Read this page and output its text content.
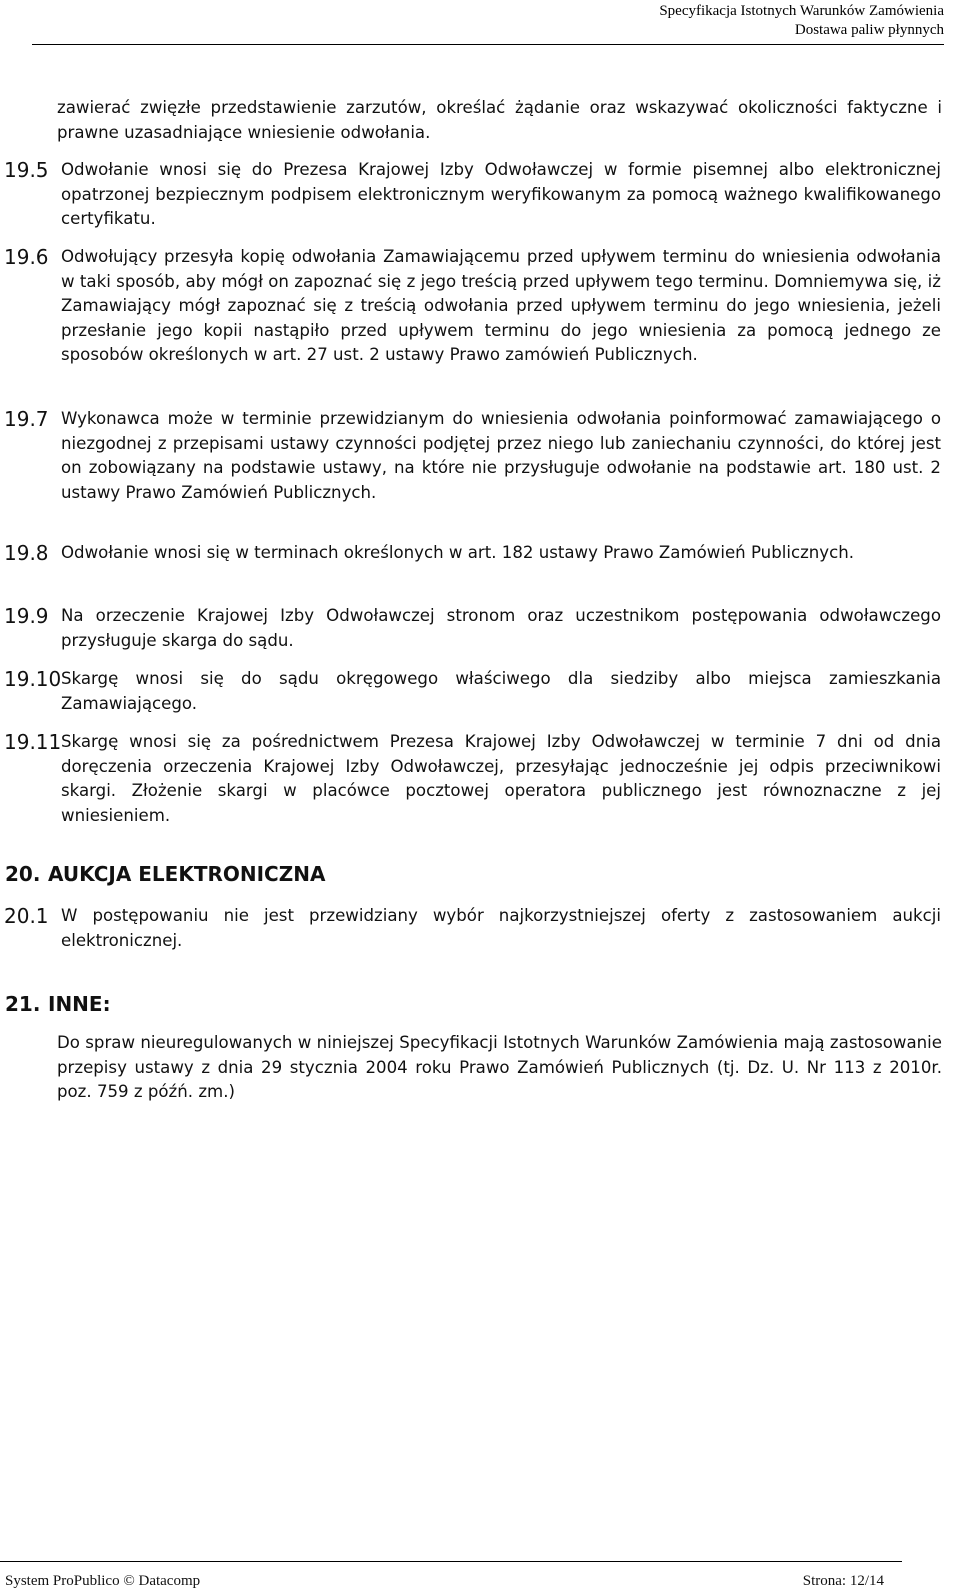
Specyfikacja Istotnych Warunków Zamówienia
Dostawa paliw płynnych
zawierać zwięzłe przedstawienie zarzutów, określać żądanie oraz wskazywać okoliczności faktyczne i prawne uzasadniające wniesienie odwołania.
19.5 Odwołanie wnosi się do Prezesa Krajowej Izby Odwoławczej w formie pisemnej albo elektronicznej opatrzonej bezpiecznym podpisem elektronicznym weryfikowanym za pomocą ważnego kwalifikowanego certyfikatu.
19.6 Odwołujący przesyła kopię odwołania Zamawiającemu przed upływem terminu do wniesienia odwołania w taki sposób, aby mógł on zapoznać się z jego treścią przed upływem tego terminu. Domniemywa się, iż Zamawiający mógł zapoznać się z treścią odwołania przed upływem terminu do jego wniesienia, jeżeli przesłanie jego kopii nastąpiło przed upływem terminu do jego wniesienia za pomocą jednego ze sposobów określonych w art. 27 ust. 2 ustawy Prawo zamówień Publicznych.
19.7 Wykonawca może w terminie przewidzianym do wniesienia odwołania poinformować zamawiającego o niezgodnej z przepisami ustawy czynności podjętej przez niego lub zaniechaniu czynności, do której jest on zobowiązany na podstawie ustawy, na które nie przysługuje odwołanie na podstawie art. 180 ust. 2 ustawy Prawo Zamówień Publicznych.
19.8 Odwołanie wnosi się w terminach określonych w art. 182 ustawy Prawo Zamówień Publicznych.
19.9 Na orzeczenie Krajowej Izby Odwoławczej stronom oraz uczestnikom postępowania odwoławczego przysługuje skarga do sądu.
19.10 Skargę wnosi się do sądu okręgowego właściwego dla siedziby albo miejsca zamieszkania Zamawiającego.
19.11 Skargę wnosi się za pośrednictwem Prezesa Krajowej Izby Odwoławczej w terminie 7 dni od dnia doręczenia orzeczenia Krajowej Izby Odwoławczej, przesyłając jednocześnie jej odpis przeciwnikowi skargi. Złożenie skargi w placówce pocztowej operatora publicznego jest równoznaczne z jej wniesieniem.
20. AUKCJA ELEKTRONICZNA
20.1 W postępowaniu nie jest przewidziany wybór najkorzystniejszej oferty z zastosowaniem aukcji elektronicznej.
21. INNE:
Do spraw nieuregulowanych w niniejszej Specyfikacji Istotnych Warunków Zamówienia mają zastosowanie przepisy ustawy z dnia 29 stycznia 2004 roku Prawo Zamówień Publicznych (tj. Dz. U. Nr 113 z 2010r. poz. 759 z późń. zm.)
System ProPublico © Datacomp	Strona: 12/14
